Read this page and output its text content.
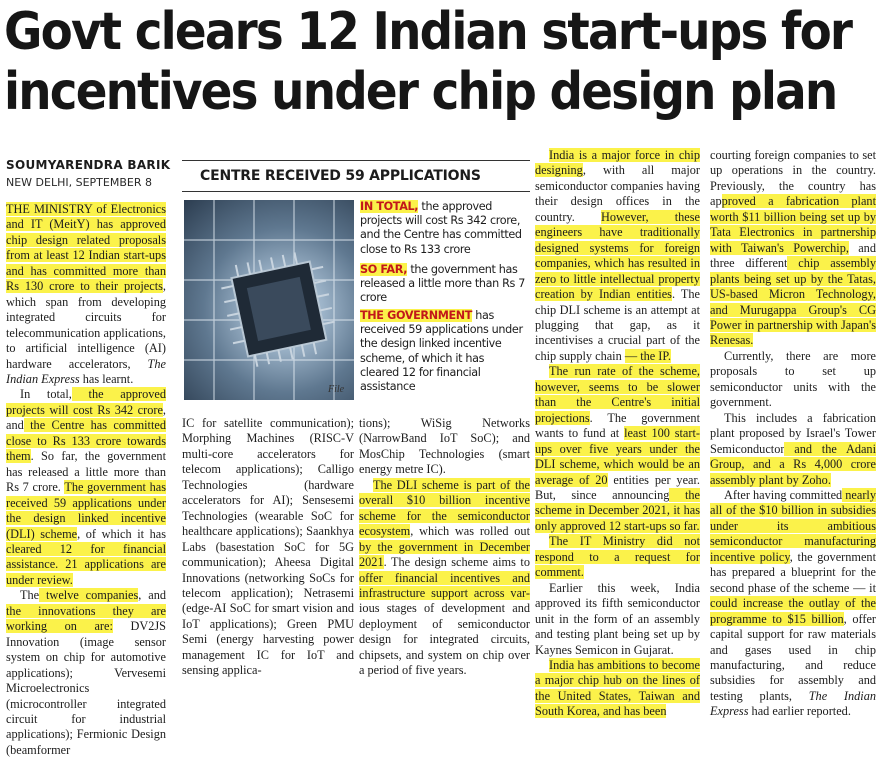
Govt clears 12 Indian start-ups for
incentives under chip design plan

SOUMYARENDRA BARIK

NEW DELHI, SEPTEMBER 8

THE MINISTRY of Electronics and IT (MeitY) has approved chip design related proposals from at least 12 Indian start-ups and has committed more than Rs 130 crore to their projects, which span from developing integrated circuits for telecommunication applications, to artificial intelligence (AI) hardware accelerators, The Indian Express has learnt.

In total, the approved projects will cost Rs 342 crore, and the Centre has committed close to Rs 133 crore towards them. So far, the government has released a little more than Rs 7 crore. The government has received 59 applications under the design linked incentive (DLI) scheme, of which it has cleared 12 for financial assistance. 21 applications are under review.

The twelve companies, and the innovations they are working on are: DV2JS Innovation (image sensor system on chip for automotive applications); Vervesemi Microelectronics (microcontroller integrated circuit for industrial applications); Fermionic Design (beamformer

CENTRE RECEIVED 59 APPLICATIONS

File

IN TOTAL, the approved projects will cost Rs 342 crore, and the Centre has committed close to Rs 133 crore

SO FAR, the government has released a little more than Rs 7 crore

THE GOVERNMENT has received 59 applications under the design linked incentive scheme, of which it has cleared 12 for financial assistance

IC for satellite communication); Morphing Machines (RISC-V multi-core accelerators for telecom applications); Calligo Technologies (hardware accelerators for AI); Sensesemi Technologies (wearable SoC for healthcare applications); Saankhya Labs (basestation SoC for 5G communication); Aheesa Digital Innovations (networking SoCs for telecom application); Netrasemi (edge-AI SoC for smart vision and IoT applications); Green PMU Semi (energy harvesting power management IC for IoT and sensing applica-

tions); WiSig Networks (NarrowBand IoT SoC); and MosChip Technologies (smart energy metre IC).

The DLI scheme is part of the overall $10 billion incentive scheme for the semiconductor ecosystem, which was rolled out by the government in December 2021. The design scheme aims to offer financial incentives and infrastructure support across var-ious stages of development and deployment of semiconductor design for integrated circuits, chipsets, and system on chip over a period of five years.

India is a major force in chip designing, with all major semiconductor companies having their design offices in the country. However, these engineers have traditionally designed systems for foreign companies, which has resulted in zero to little intellectual property creation by Indian entities. The chip DLI scheme is an attempt at plugging that gap, as it incentivises a crucial part of the chip supply chain — the IP.

The run rate of the scheme, however, seems to be slower than the Centre's initial projections. The government wants to fund at least 100 start-ups over five years under the DLI scheme, which would be an average of 20 entities per year. But, since announcing the scheme in December 2021, it has only approved 12 start-ups so far.

The IT Ministry did not respond to a request for comment.

Earlier this week, India approved its fifth semiconductor unit in the form of an assembly and testing plant being set up by Kaynes Semicon in Gujarat.

India has ambitions to become a major chip hub on the lines of the United States, Taiwan and South Korea, and has been

courting foreign companies to set up operations in the country. Previously, the country has approved a fabrication plant worth $11 billion being set up by Tata Electronics in partnership with Taiwan's Powerchip, and three different chip assembly plants being set up by the Tatas, US-based Micron Technology, and Murugappa Group's CG Power in partnership with Japan's Renesas.

Currently, there are more proposals to set up semiconductor units with the government.

This includes a fabrication plant proposed by Israel's Tower Semiconductor and the Adani Group, and a Rs 4,000 crore assembly plant by Zoho.

After having committed nearly all of the $10 billion in subsidies under its ambitious semiconductor manufacturing incentive policy, the government has prepared a blueprint for the second phase of the scheme — it could increase the outlay of the programme to $15 billion, offer capital support for raw materials and gases used in chip manufacturing, and reduce subsidies for assembly and testing plants, The Indian Express had earlier reported.
